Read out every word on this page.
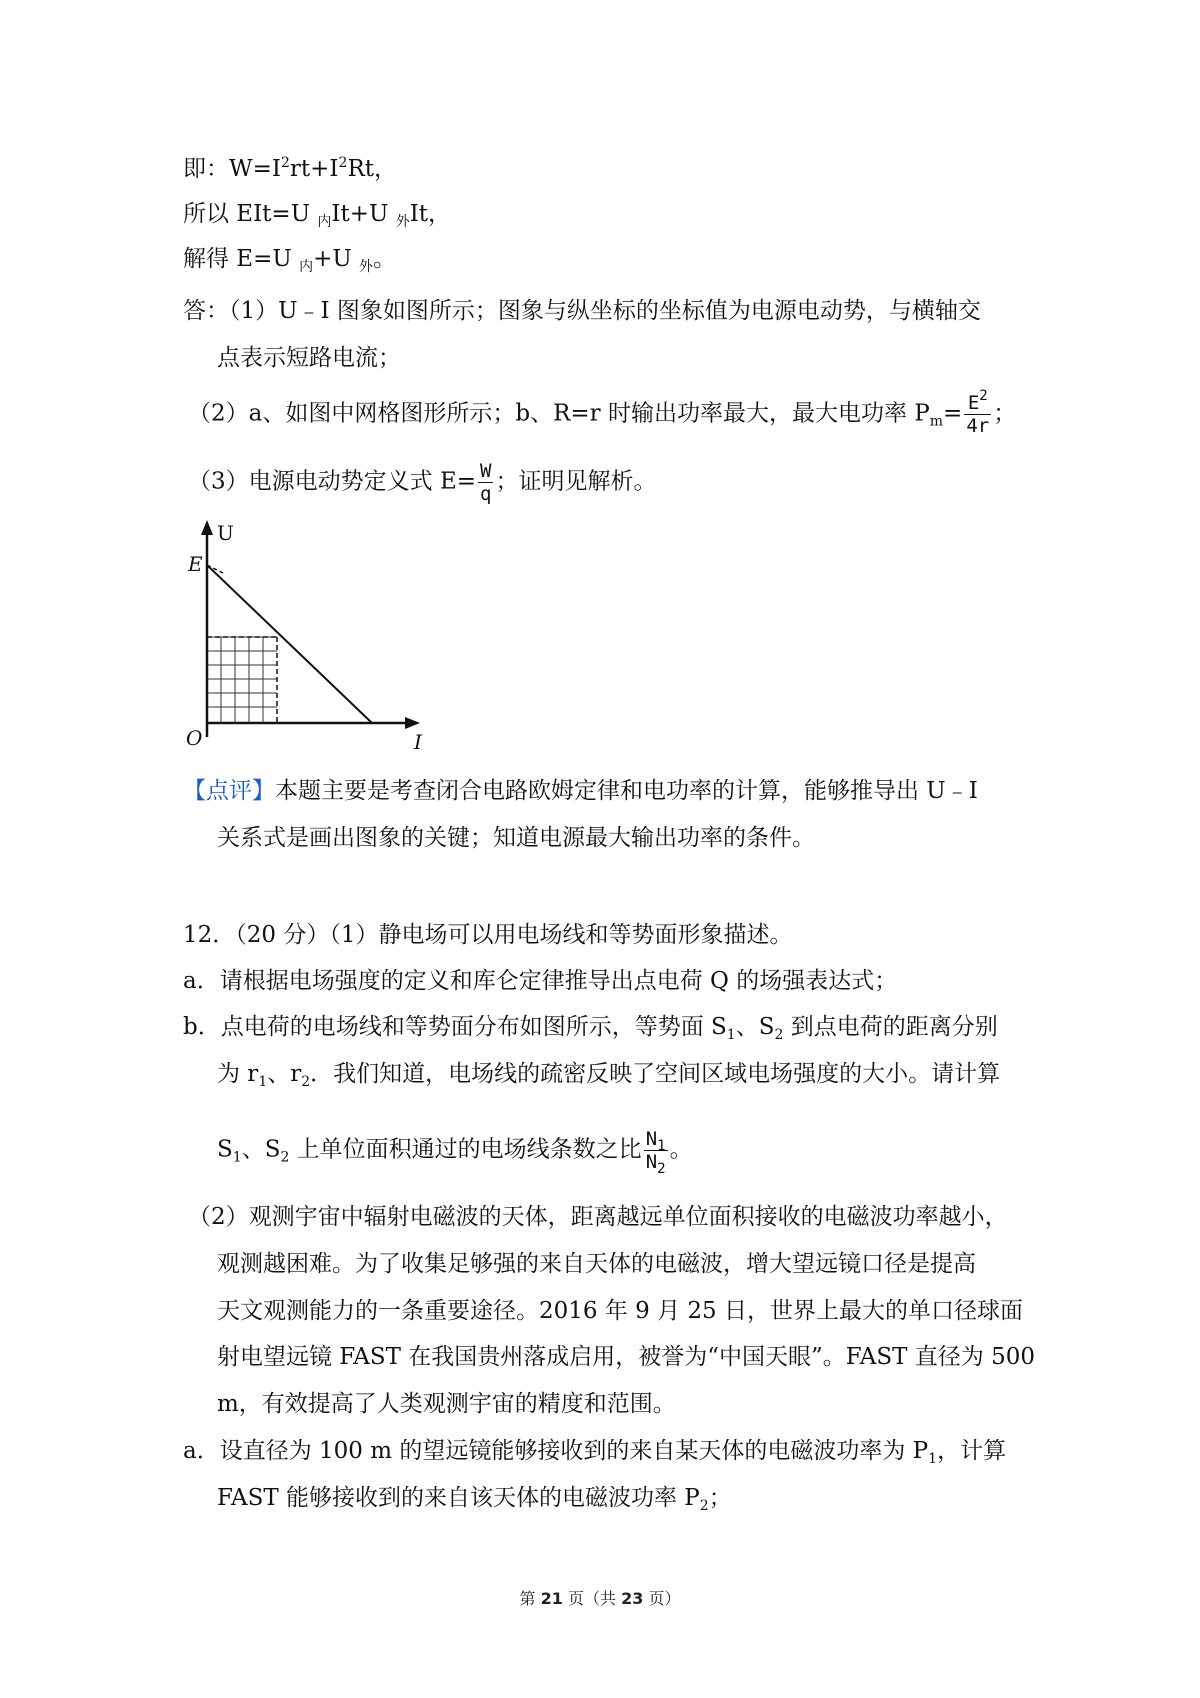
即：$W=I^2rt+I^2Rt$，
所以 EIt=U $_内$It+U $_外$It，
解得 E=U $_内$+U $_外$。
答：（1）U﹣I 图象如图所示；图象与纵坐标的坐标值为电源电动势，与横轴交
点表示短路电流；
（2）a、如图中网格图形所示；b、R=r 时输出功率最大，最大电功率 $P_m= \frac{E^2}{4r}$ ；
（3）电源电动势定义式 $E= \frac{W}{q}$ ；证明见解析。
U
E
O	I
【点评】本题主要是考查闭合电路欧姆定律和电功率的计算，能够推导出 U﹣I
关系式是画出图象的关键；知道电源最大输出功率的条件。
12．（20 分）（1）静电场可以用电场线和等势面形象描述。
a．请根据电场强度的定义和库仑定律推导出点电荷 Q 的场强表达式；
b．点电荷的电场线和等势面分布如图所示，等势面 $S_1$、$S_2$ 到点电荷的距离分别
为 $r_1$、$r_2$．我们知道，电场线的疏密反映了空间区域电场强度的大小。请计算
$S_1$、$S_2$ 上单位面积通过的电场线条数之比 $\frac{N_1}{N_2}$ 。
（2）观测宇宙中辐射电磁波的天体，距离越远单位面积接收的电磁波功率越小，
观测越困难。为了收集足够强的来自天体的电磁波，增大望远镜口径是提高
天文观测能力的一条重要途径。2016 年 9 月 25 日，世界上最大的单口径球面
射电望远镜 FAST 在我国贵州落成启用，被誉为“中国天眼”。FAST 直径为 500
m，有效提高了人类观测宇宙的精度和范围。
a．设直径为 100 m 的望远镜能够接收到的来自某天体的电磁波功率为 $P_1$，计算
FAST 能够接收到的来自该天体的电磁波功率 $P_2$；
第 21 页（共 23 页）
